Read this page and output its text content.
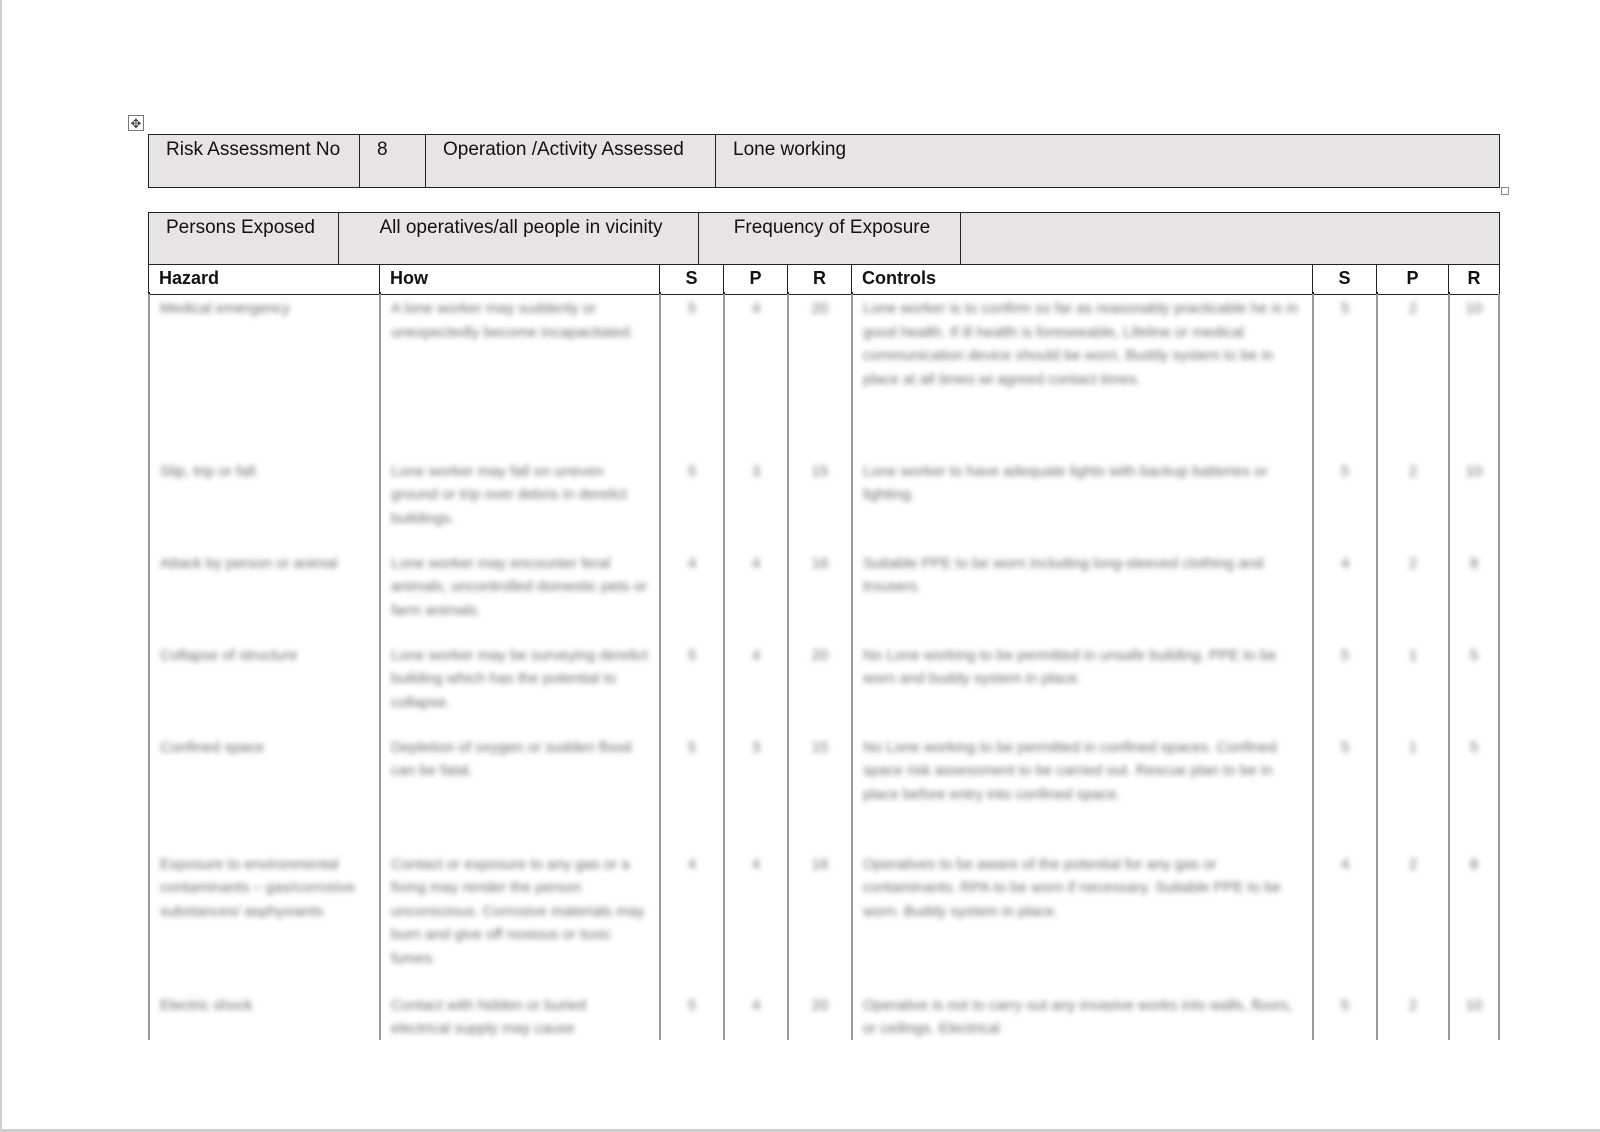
✥
Risk Assessment No	8	Operation /Activity Assessed	Lone working
Persons Exposed	All operatives/all people in vicinity	Frequency of Exposure	
Hazard	How	S	P	R	Controls	S	P	R
Medical emergency	A lone worker may suddenly or unexpectedly become incapacitated.	5	4	20	Lone worker is to confirm so far as reasonably practicable he is in good health. If ill health is foreseeable, Lifeline or medical communication device should be worn. Buddy system to be in place at all times wi agreed contact times.	5	2	10
Slip, trip or fall.	Lone worker may fall on uneven ground or trip over debris in derelict buildings.	5	3	15	Lone worker to have adequate lights with backup batteries or lighting.	5	2	10
Attack by person or animal	Lone worker may encounter feral animals, uncontrolled domestic pets or farm animals.	4	4	16	Suitable PPE to be worn including long-sleeved clothing and trousers.	4	2	8
Collapse of structure	Lone worker may be surveying derelict building which has the potential to collapse.	5	4	20	No Lone working to be permitted in unsafe building. PPE to be worn and buddy system in place.	5	1	5
Confined space	Depletion of oxygen or sudden flood can be fatal.	5	3	15	No Lone working to be permitted in confined spaces. Confined space risk assessment to be carried out. Rescue plan to be in place before entry into confined space.	5	1	5
Exposure to environmental contaminants – gas/corrosive substances/ asphyxiants	Contact or exposure to any gas or a fixing may render the person unconscious. Corrosive materials may burn and give off noxious or toxic fumes.	4	4	16	Operatives to be aware of the potential for any gas or contaminants. RPA to be worn if necessary. Suitable PPE to be worn. Buddy system in place.	4	2	8
Electric shock	Contact with hidden or buried electrical supply may cause	5	4	20	Operative is not to carry out any invasive works into walls, floors, or ceilings. Electrical	5	2	10
